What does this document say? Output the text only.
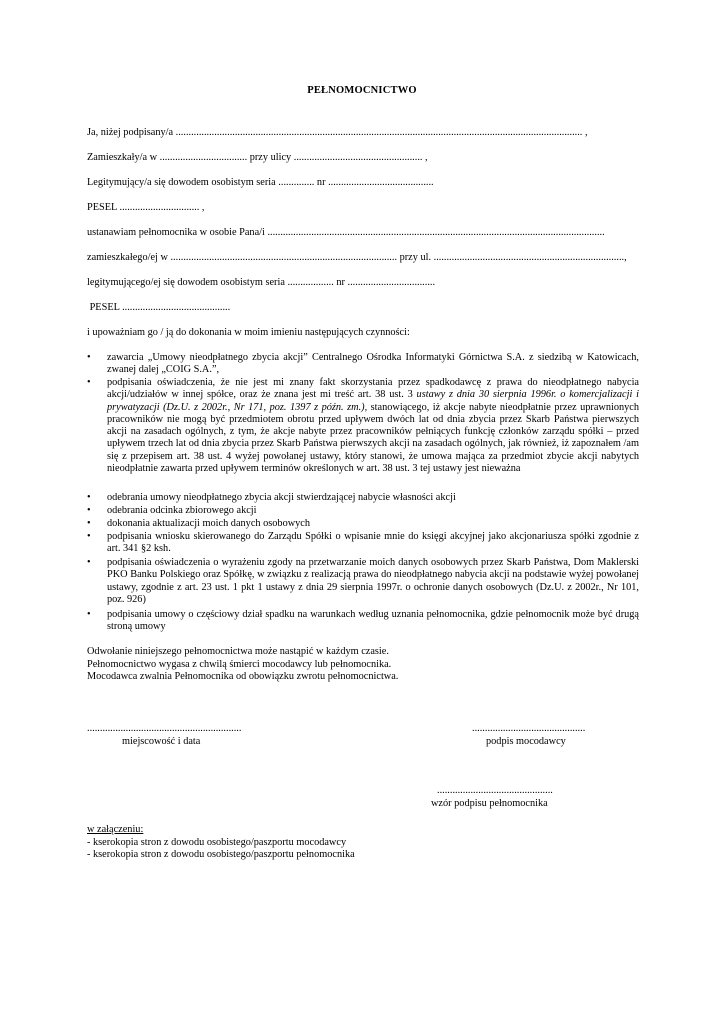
PEŁNOMOCNICTWO
Ja, niżej podpisany/a .............................................................................................................................................................. ,
Zamieszkały/a w .................................. przy ulicy .................................................. ,
Legitymujący/a się dowodem osobistym seria .............. nr .........................................
PESEL ............................... ,
ustanawiam pełnomocnika w osobie Pana/i ...................................................................................................................................
zamieszkałego/ej w ........................................................................................ przy ul. ..........................................................................,
legitymującego/ej się dowodem osobistym seria .................. nr ..................................
PESEL ..........................................
i upoważniam go / ją do dokonania w moim imieniu następujących czynności:
• zawarcia „Umowy nieodpłatnego zbycia akcji” Centralnego Ośrodka Informatyki Górnictwa S.A. z siedzibą w Katowicach, zwanej dalej „COIG S.A.”,
• podpisania oświadczenia, że nie jest mi znany fakt skorzystania przez spadkodawcę z prawa do nieodpłatnego nabycia akcji/udziałów w innej spółce, oraz że znana jest mi treść art. 38 ust. 3 ustawy z dnia 30 sierpnia 1996r. o komercjalizacji i prywatyzacji (Dz.U. z 2002r., Nr 171, poz. 1397 z późn. zm.), stanowiącego, iż akcje nabyte nieodpłatnie przez uprawnionych pracowników nie mogą być przedmiotem obrotu przed upływem dwóch lat od dnia zbycia przez Skarb Państwa pierwszych akcji na zasadach ogólnych, z tym, że akcje nabyte przez pracowników pełniących funkcję członków zarządu spółki – przed upływem trzech lat od dnia zbycia przez Skarb Państwa pierwszych akcji na zasadach ogólnych, jak również, iż zapoznałem /am się z przepisem art. 38 ust. 4 wyżej powołanej ustawy, który stanowi, że umowa mająca za przedmiot zbycie akcji nabytych nieodpłatnie zawarta przed upływem terminów określonych w art. 38 ust. 3 tej ustawy jest nieważna
• odebrania umowy nieodpłatnego zbycia akcji stwierdzającej nabycie własności akcji
• odebrania odcinka zbiorowego akcji
• dokonania aktualizacji moich danych osobowych
• podpisania wniosku skierowanego do Zarządu Spółki o wpisanie mnie do księgi akcyjnej jako akcjonariusza spółki zgodnie z art. 341 §2 ksh.
• podpisania oświadczenia o wyrażeniu zgody na przetwarzanie moich danych osobowych przez Skarb Państwa, Dom Maklerski PKO Banku Polskiego oraz Spółkę, w związku z realizacją prawa do nieodpłatnego nabycia akcji na podstawie wyżej powołanej ustawy, zgodnie z art. 23 ust. 1 pkt 1 ustawy z dnia 29 sierpnia 1997r. o ochronie danych osobowych (Dz.U. z 2002r., Nr 101, poz. 926)
• podpisania umowy o częściowy dział spadku na warunkach według uznania pełnomocnika, gdzie pełnomocnik może być drugą stroną umowy
Odwołanie niniejszego pełnomocnictwa może nastąpić w każdym czasie.
Pełnomocnictwo wygasa z chwilą śmierci mocodawcy lub pełnomocnika.
Mocodawca zwalnia Pełnomocnika od obowiązku zwrotu pełnomocnictwa.
............................................................
miejscowość i data
............................................
podpis mocodawcy
.............................................
wzór podpisu pełnomocnika
w załączeniu:
- kserokopia stron z dowodu osobistego/paszportu mocodawcy
- kserokopia stron z dowodu osobistego/paszportu pełnomocnika
